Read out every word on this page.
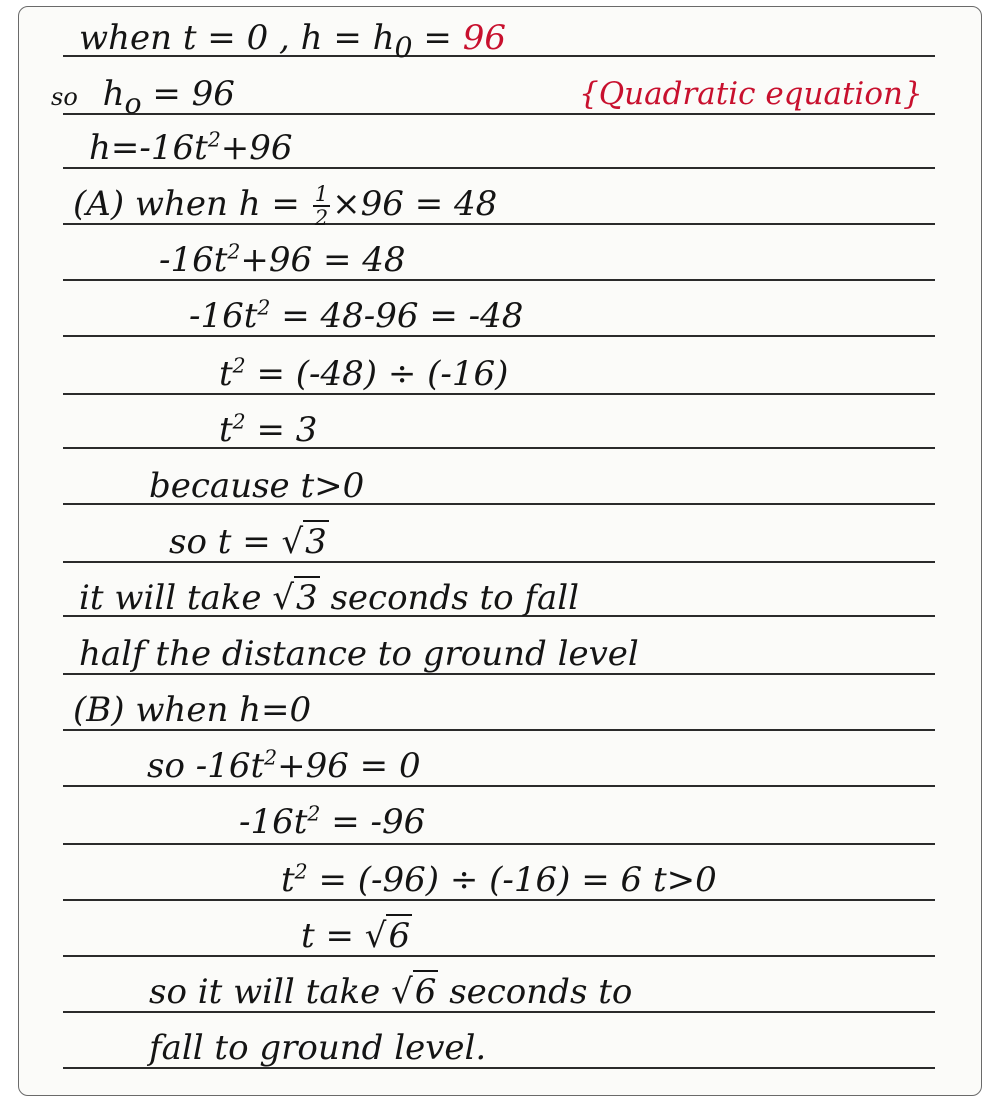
when t = 0 , $h = h_0 = 96$
so $h_o = 96$	{Quadratic equation}
$h=-16t^2+96$
(A) when $h = \frac{1}{2} \times 96 = 48$
$-16t^2+96 = 48$
$-16t^2 = 48-96 = -48$
$t^2 = (-48) \div (-16)$
$t^2 = 3$
because t>0
so t = √3
it will take √3 seconds to fall
half the distance to ground level
(B) when h=0
so $-16t^2+96 = 0$
$-16t^2 = -96$
$t^2 = (-96) \div (-16) = 6$ t>0
t = √6
so it will take √6 seconds to
fall to ground level.
